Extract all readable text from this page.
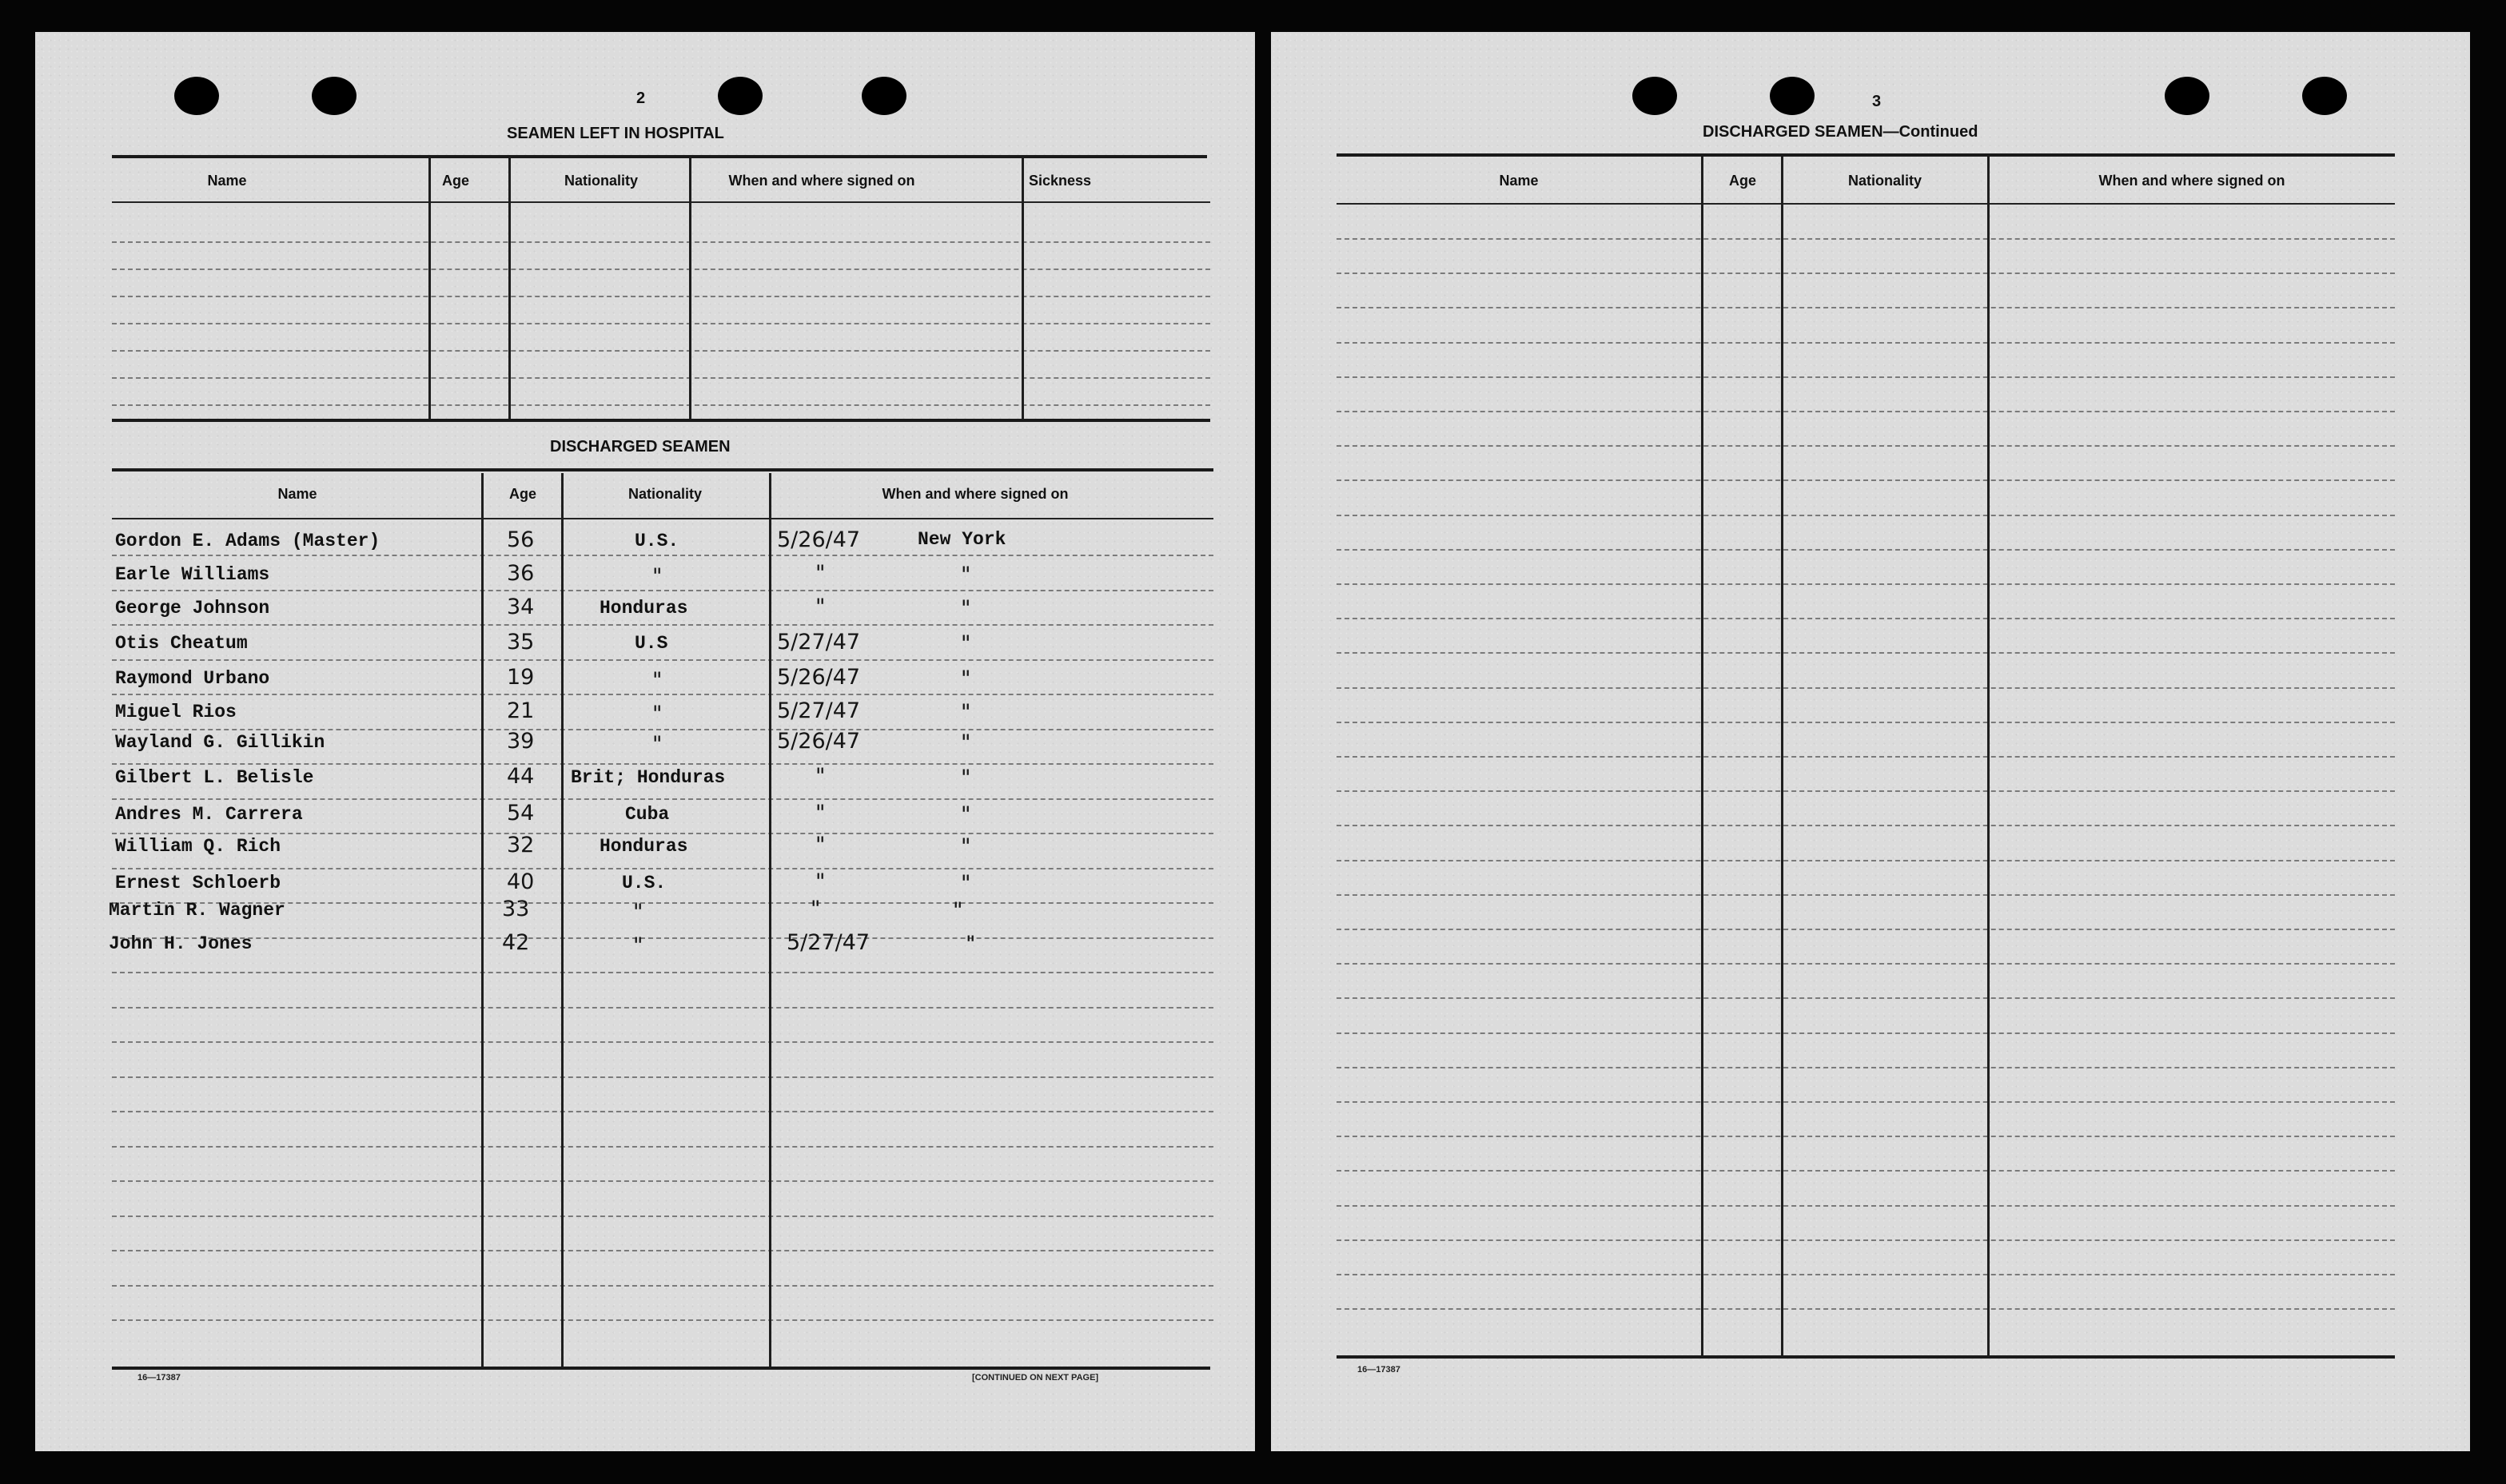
2
SEAMEN LEFT IN HOSPITAL
Name	Age	Nationality	When and where signed on	Sickness
DISCHARGED SEAMEN
Name	Age	Nationality	When and where signed on
Gordon E. Adams (Master)	56	U.S.	5/26/47	New York
Earle Williams	36	"	"	"
George Johnson	34	Honduras	"	"
Otis Cheatum	35	U.S	5/27/47	"
Raymond Urbano	19	"	5/26/47	"
Miguel Rios	21	"	5/27/47	"
Wayland G. Gillikin	39	"	5/26/47	"
Gilbert L. Belisle	44 Brit; Honduras	"	"
Andres M. Carrera	54	Cuba	"	"
William Q. Rich	32	Honduras	"	"
Ernest Schloerb	40	U.S.	"	"
Martin R. Wagner	33	"	"	"
John H. Jones	42	"	5/27/47	"
16—17387	[CONTINUED ON NEXT PAGE]
3
DISCHARGED SEAMEN—Continued
Name	Age	Nationality	When and where signed on
16—17387
